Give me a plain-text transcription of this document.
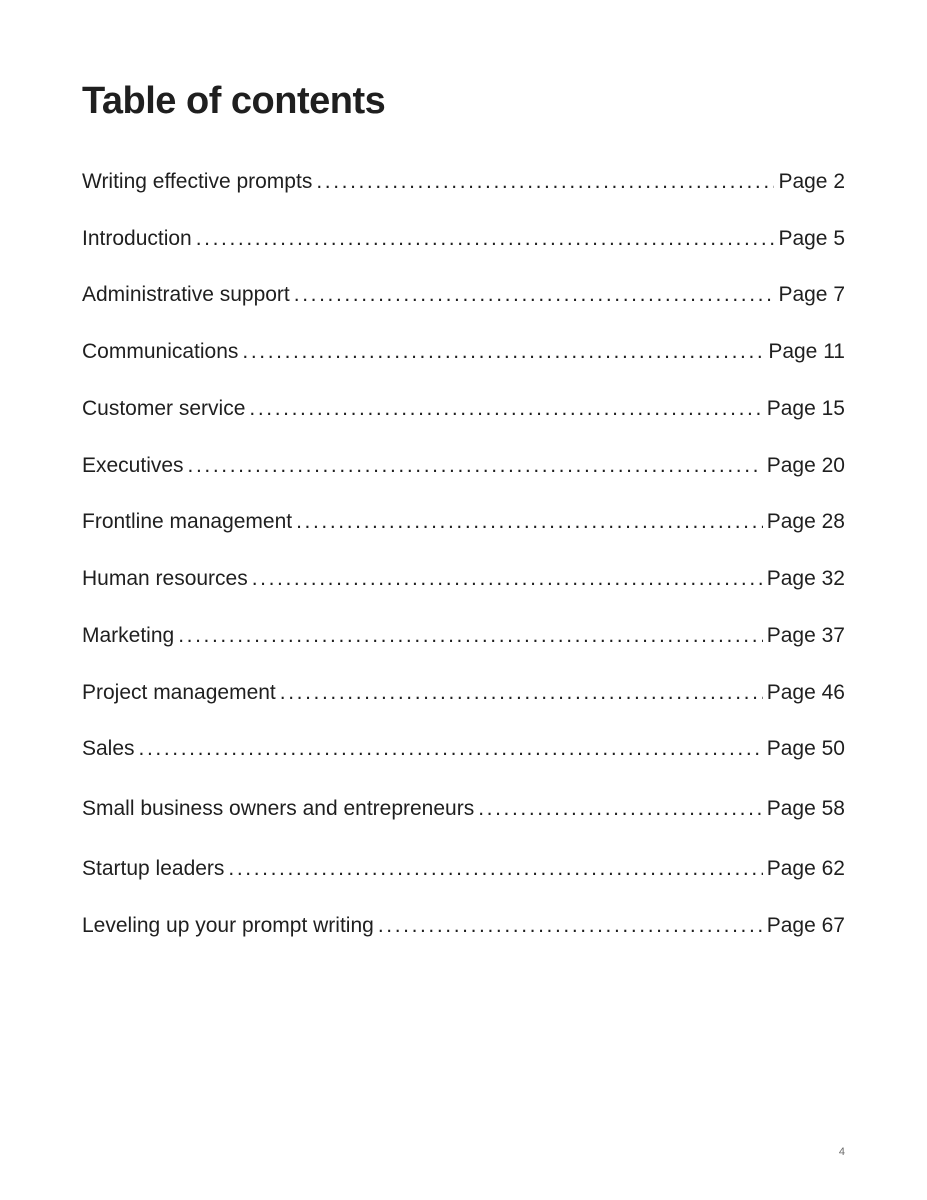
Table of contents
Writing effective prompts .....	Page 2
Introduction .....	Page 5
Administrative support .....	Page 7
Communications .....	Page 11
Customer service .....	Page 15
Executives .....	Page 20
Frontline management .....	Page 28
Human resources .....	Page 32
Marketing .....	Page 37
Project management .....	Page 46
Sales .....	Page 50
Small business owners and entrepreneurs .....	Page 58
Startup leaders .....	Page 62
Leveling up your prompt writing .....	Page 67
4
